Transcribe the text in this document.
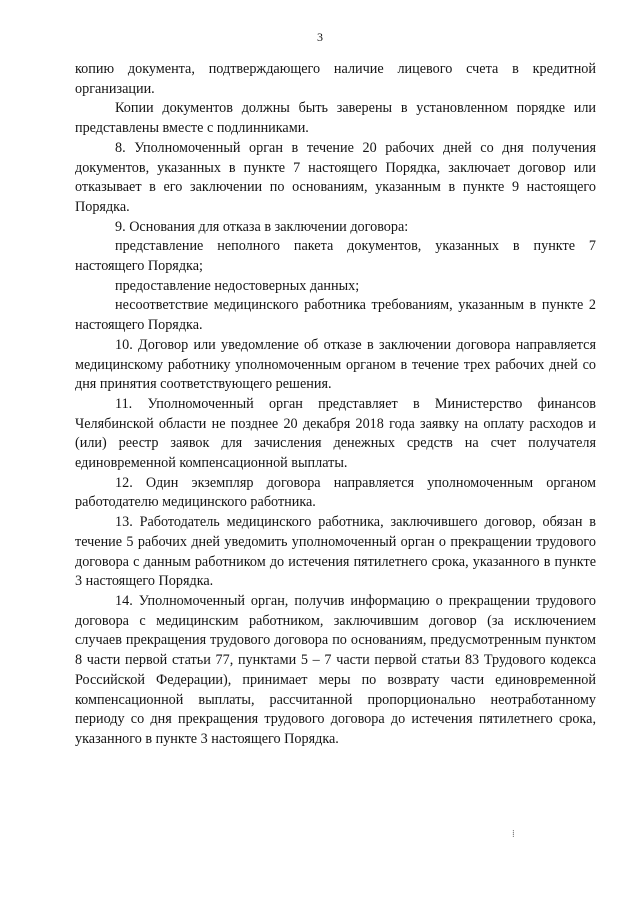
3

копию документа, подтверждающего наличие лицевого счета в кредитной организации.

Копии документов должны быть заверены в установленном порядке или представлены вместе с подлинниками.

8. Уполномоченный орган в течение 20 рабочих дней со дня получения документов, указанных в пункте 7 настоящего Порядка, заключает договор или отказывает в его заключении по основаниям, указанным в пункте 9 настоящего Порядка.

9. Основания для отказа в заключении договора:

представление неполного пакета документов, указанных в пункте 7 настоящего Порядка;

предоставление недостоверных данных;

несоответствие медицинского работника требованиям, указанным в пункте 2 настоящего Порядка.

10. Договор или уведомление об отказе в заключении договора направляется медицинскому работнику уполномоченным органом в течение трех рабочих дней со дня принятия соответствующего решения.

11. Уполномоченный орган представляет в Министерство финансов Челябинской области не позднее 20 декабря 2018 года заявку на оплату расходов и (или) реестр заявок для зачисления денежных средств на счет получателя единовременной компенсационной выплаты.

12. Один экземпляр договора направляется уполномоченным органом работодателю медицинского работника.

13. Работодатель медицинского работника, заключившего договор, обязан в течение 5 рабочих дней уведомить уполномоченный орган о прекращении трудового договора с данным работником до истечения пятилетнего срока, указанного в пункте 3 настоящего Порядка.

14. Уполномоченный орган, получив информацию о прекращении трудового договора с медицинским работником, заключившим договор (за исключением случаев прекращения трудового договора по основаниям, предусмотренным пунктом 8 части первой статьи 77, пунктами 5 – 7 части первой статьи 83 Трудового кодекса Российской Федерации), принимает меры по возврату части единовременной компенсационной выплаты, рассчитанной пропорционально неотработанному периоду со дня прекращения трудового договора до истечения пятилетнего срока, указанного в пункте 3 настоящего Порядка.

⁞
